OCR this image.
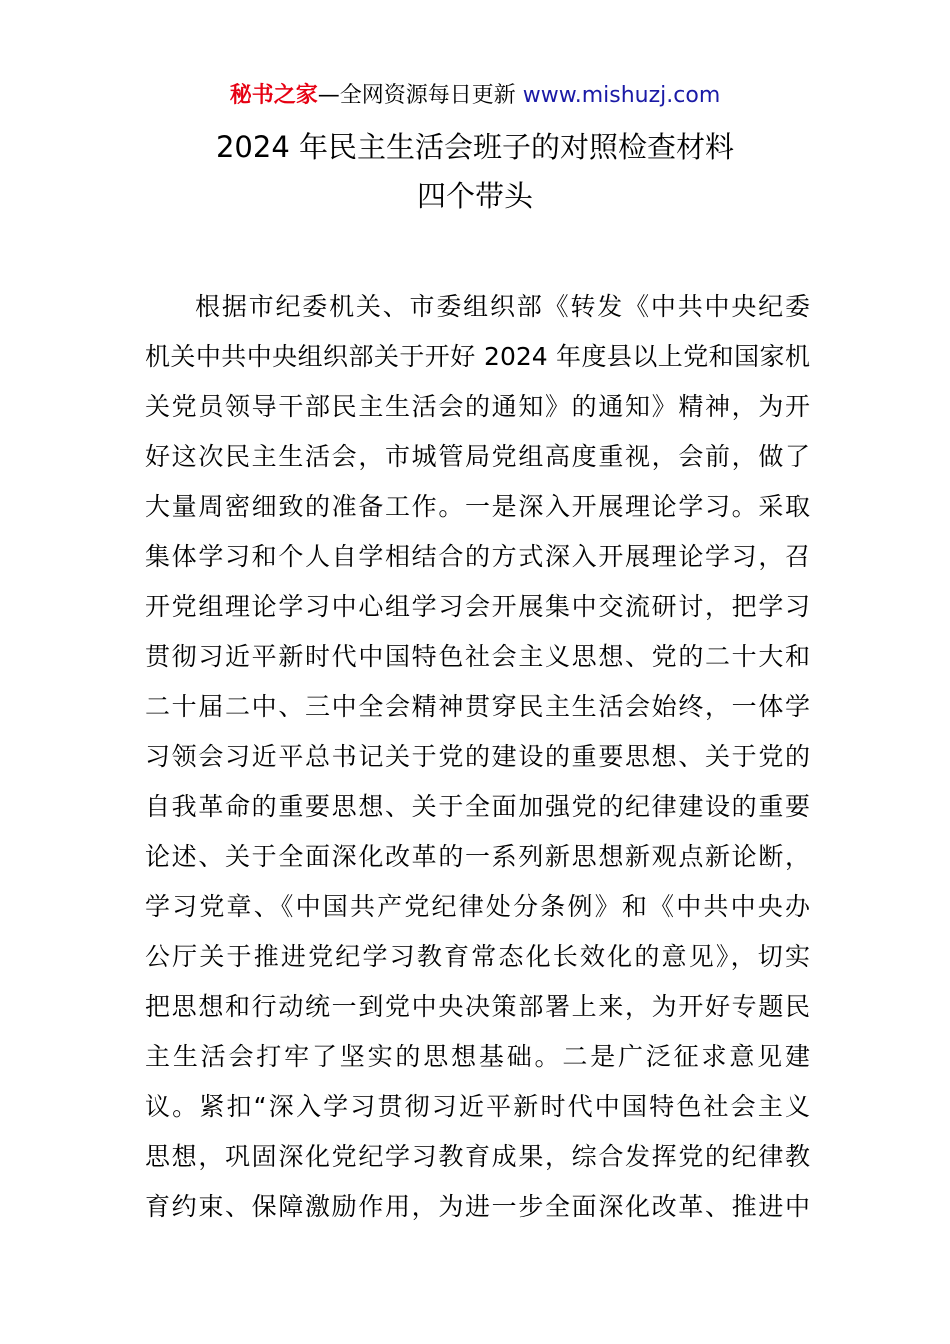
秘书之家—全网资源每日更新 www.mishuzj.com
2024 年民主生活会班子的对照检查材料
四个带头
根据市纪委机关、市委组织部《转发《中共中央纪委
机关中共中央组织部关于开好 2024 年度县以上党和国家机
关党员领导干部民主生活会的通知》的通知》精神，为开
好这次民主生活会，市城管局党组高度重视，会前，做了
大量周密细致的准备工作。一是深入开展理论学习。采取
集体学习和个人自学相结合的方式深入开展理论学习，召
开党组理论学习中心组学习会开展集中交流研讨，把学习
贯彻习近平新时代中国特色社会主义思想、党的二十大和
二十届二中、三中全会精神贯穿民主生活会始终，一体学
习领会习近平总书记关于党的建设的重要思想、关于党的
自我革命的重要思想、关于全面加强党的纪律建设的重要
论述、关于全面深化改革的一系列新思想新观点新论断，
学习党章、《中国共产党纪律处分条例》和《中共中央办
公厅关于推进党纪学习教育常态化长效化的意见》，切实
把思想和行动统一到党中央决策部署上来，为开好专题民
主生活会打牢了坚实的思想基础。二是广泛征求意见建
议。紧扣“深入学习贯彻习近平新时代中国特色社会主义
思想，巩固深化党纪学习教育成果，综合发挥党的纪律教
育约束、保障激励作用，为进一步全面深化改革、推进中
